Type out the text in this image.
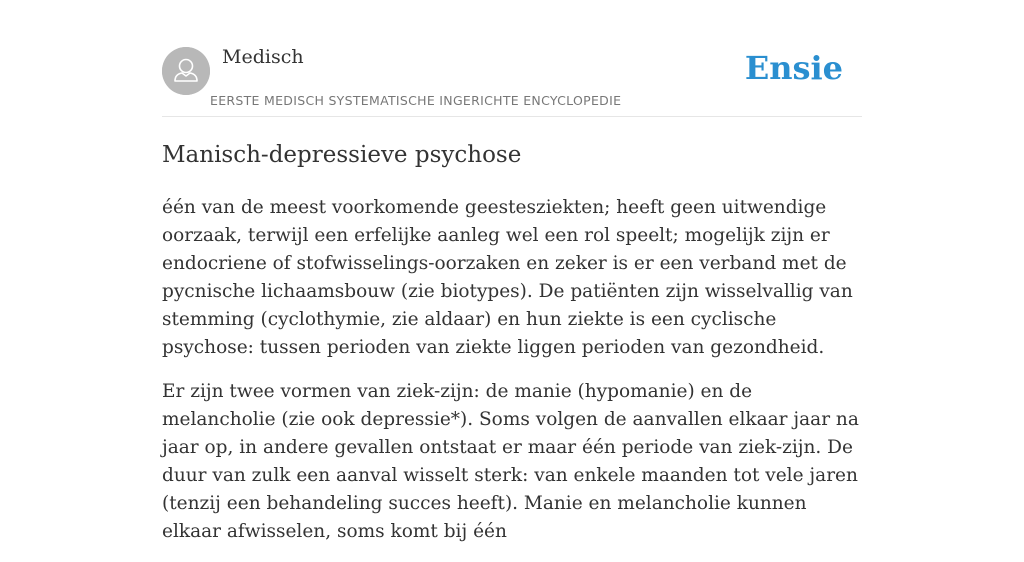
Medisch
EERSTE MEDISCH SYSTEMATISCHE INGERICHTE ENCYCLOPEDIE
Ensie
Manisch-depressieve psychose

één van de meest voorkomende geestesziekten; heeft geen uitwendige oorzaak, terwijl een erfelijke aanleg wel een rol speelt; mogelijk zijn er endocriene of stofwisselings-oorzaken en zeker is er een verband met de pycnische lichaamsbouw (zie biotypes). De patiënten zijn wisselvallig van stemming (cyclothymie, zie aldaar) en hun ziekte is een cyclische psychose: tussen perioden van ziekte liggen perioden van gezondheid.

Er zijn twee vormen van ziek-zijn: de manie (hypomanie) en de melancholie (zie ook depressie*). Soms volgen de aanvallen elkaar jaar na jaar op, in andere gevallen ontstaat er maar één periode van ziek-zijn. De duur van zulk een aanval wisselt sterk: van enkele maanden tot vele jaren (tenzij een behandeling succes heeft). Manie en melancholie kunnen elkaar afwisselen, soms komt bij één
